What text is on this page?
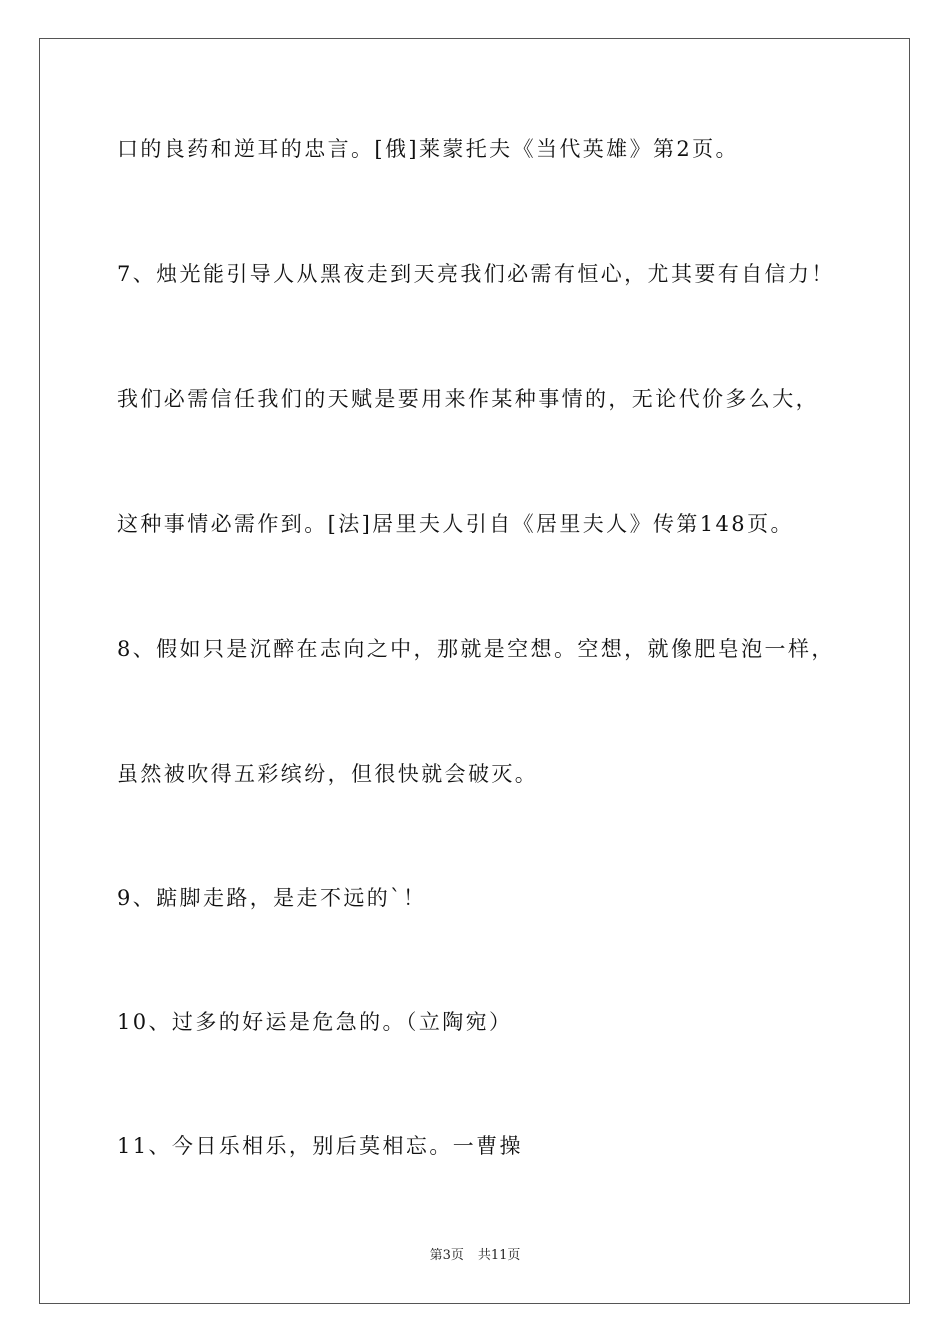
口的良药和逆耳的忠言。[俄]莱蒙托夫《当代英雄》第2页。
7、烛光能引导人从黑夜走到天亮我们必需有恒心，尤其要有自信力！
我们必需信任我们的天赋是要用来作某种事情的，无论代价多么大，
这种事情必需作到。[法]居里夫人引自《居里夫人》传第148页。
8、假如只是沉醉在志向之中，那就是空想。空想，就像肥皂泡一样，
虽然被吹得五彩缤纷，但很快就会破灭。
9、踮脚走路，是走不远的`！
10、过多的好运是危急的。（立陶宛）
11、今日乐相乐，别后莫相忘。一曹操
第3页 共11页
